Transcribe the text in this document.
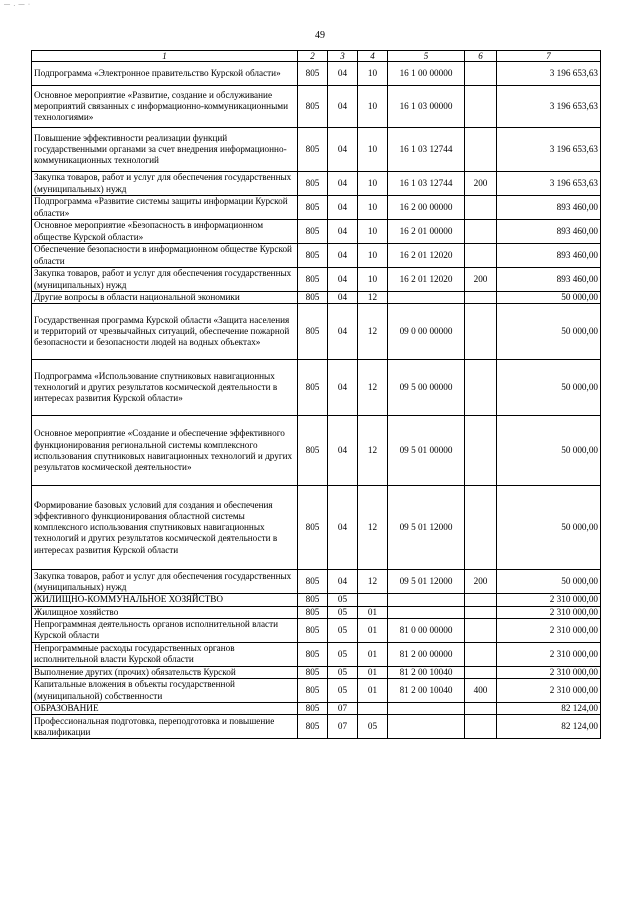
— . — ·
49
1	2	3	4	5	6	7
Подпрограмма «Электронное правительство Курской области»	805	04	10	16 1 00 00000		3 196 653,63
Основное мероприятие «Развитие, создание и обслуживание мероприятий связанных с информационно-коммуникационными технологиями»	805	04	10	16 1 03 00000		3 196 653,63
Повышение эффективности реализации функций государственными органами за счет внедрения информационно-коммуникационных технологий	805	04	10	16 1 03 12744		3 196 653,63
Закупка товаров, работ и услуг для обеспечения государственных (муниципальных) нужд	805	04	10	16 1 03 12744	200	3 196 653,63
Подпрограмма «Развитие системы защиты информации Курской области»	805	04	10	16 2 00 00000		893 460,00
Основное мероприятие «Безопасность в информационном обществе Курской области»	805	04	10	16 2 01 00000		893 460,00
Обеспечение безопасности в информационном обществе Курской области	805	04	10	16 2 01 12020		893 460,00
Закупка товаров, работ и услуг для обеспечения государственных (муниципальных) нужд	805	04	10	16 2 01 12020	200	893 460,00
Другие вопросы в области национальной экономики	805	04	12			50 000,00
Государственная программа Курской области «Защита населения и территорий от чрезвычайных ситуаций, обеспечение пожарной безопасности и безопасности людей на водных объектах»	805	04	12	09 0 00 00000		50 000,00
Подпрограмма «Использование спутниковых навигационных технологий и других результатов космической деятельности в интересах развития Курской области»	805	04	12	09 5 00 00000		50 000,00
Основное мероприятие «Создание и обеспечение эффективного функционирования региональной системы комплексного использования спутниковых навигационных технологий и других результатов космической деятельности»	805	04	12	09 5 01 00000		50 000,00
Формирование базовых условий для создания и обеспечения эффективного функционирования областной системы комплексного использования спутниковых навигационных технологий и других результатов космической деятельности в интересах развития Курской области	805	04	12	09 5 01 12000		50 000,00
Закупка товаров, работ и услуг для обеспечения государственных (муниципальных) нужд	805	04	12	09 5 01 12000	200	50 000,00
ЖИЛИЩНО-КОММУНАЛЬНОЕ ХОЗЯЙСТВО	805	05				2 310 000,00
Жилищное хозяйство	805	05	01			2 310 000,00
Непрограммная деятельность органов исполнительной власти Курской области	805	05	01	81 0 00 00000		2 310 000,00
Непрограммные расходы государственных органов исполнительной власти Курской области	805	05	01	81 2 00 00000		2 310 000,00
Выполнение других (прочих) обязательств Курской	805	05	01	81 2 00 10040		2 310 000,00
Капитальные вложения в объекты государственной (муниципальной) собственности	805	05	01	81 2 00 10040	400	2 310 000,00
ОБРАЗОВАНИЕ	805	07				82 124,00
Профессиональная подготовка, переподготовка и повышение квалификации	805	07	05			82 124,00
